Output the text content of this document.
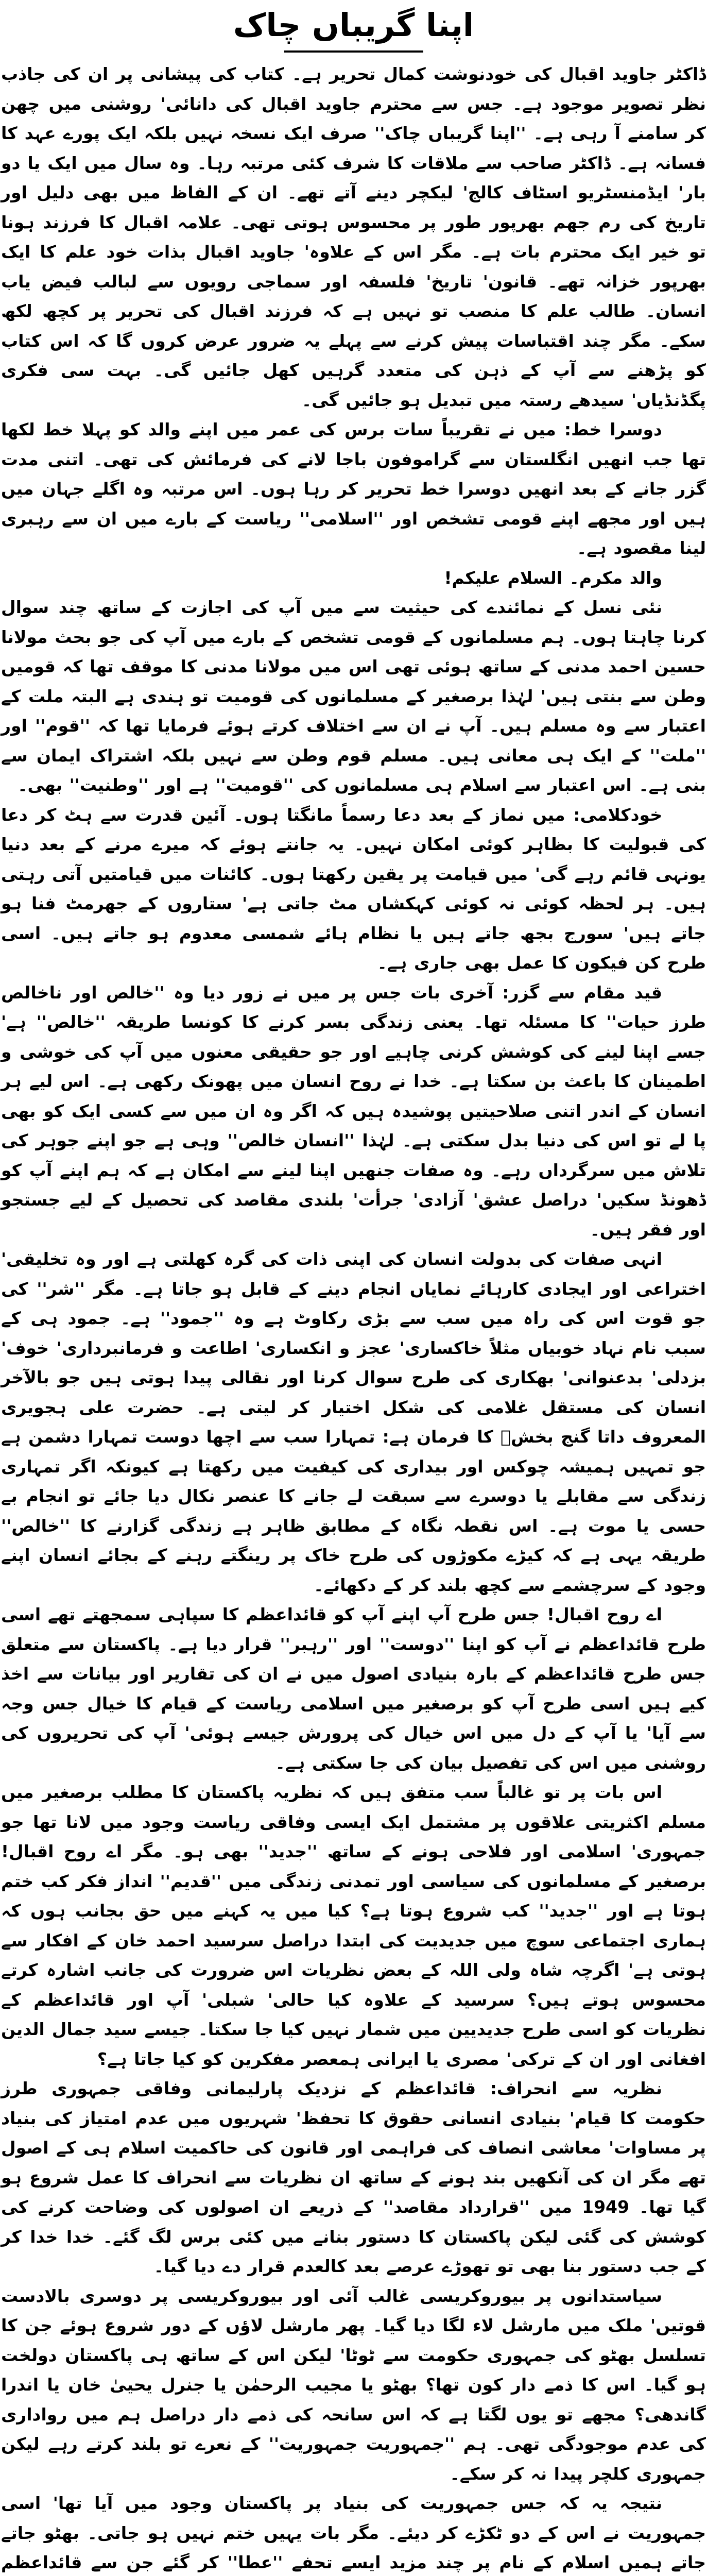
اپنا گریباں چاک

ڈاکٹر جاوید اقبال کی خودنوشت کمال تحریر ہے۔ کتاب کی پیشانی پر ان کی جاذب نظر تصویر موجود ہے۔ جس سے محترم جاوید اقبال کی دانائی' روشنی میں چھن کر سامنے آ رہی ہے۔ ''اپنا گریباں چاک'' صرف ایک نسخہ نہیں بلکہ ایک پورے عہد کا فسانہ ہے۔ ڈاکٹر صاحب سے ملاقات کا شرف کئی مرتبہ رہا۔ وہ سال میں ایک یا دو بار' ایڈمنسٹریو اسٹاف کالج' لیکچر دینے آتے تھے۔ ان کے الفاظ میں بھی دلیل اور تاریخ کی رم جھم بھرپور طور پر محسوس ہوتی تھی۔ علامہ اقبال کا فرزند ہونا تو خیر ایک محترم بات ہے۔ مگر اس کے علاوہ' جاوید اقبال بذات خود علم کا ایک بھرپور خزانہ تھے۔ قانون' تاریخ' فلسفہ اور سماجی رویوں سے لبالب فیض یاب انسان۔ طالب علم کا منصب تو نہیں ہے کہ فرزند اقبال کی تحریر پر کچھ لکھ سکے۔ مگر چند اقتباسات پیش کرنے سے پہلے یہ ضرور عرض کروں گا کہ اس کتاب کو پڑھنے سے آپ کے ذہن کی متعدد گرہیں کھل جائیں گی۔ بہت سی فکری پگڈنڈیاں' سیدھے رستہ میں تبدیل ہو جائیں گی۔

دوسرا خط: میں نے تقریباً سات برس کی عمر میں اپنے والد کو پہلا خط لکھا تھا جب انھیں انگلستان سے گراموفون باجا لانے کی فرمائش کی تھی۔ اتنی مدت گزر جانے کے بعد انھیں دوسرا خط تحریر کر رہا ہوں۔ اس مرتبہ وہ اگلے جہان میں ہیں اور مجھے اپنے قومی تشخص اور ''اسلامی'' ریاست کے بارے میں ان سے رہبری لینا مقصود ہے۔

والد مکرم۔ السلام علیکم!

نئی نسل کے نمائندے کی حیثیت سے میں آپ کی اجازت کے ساتھ چند سوال کرنا چاہتا ہوں۔ ہم مسلمانوں کے قومی تشخص کے بارے میں آپ کی جو بحث مولانا حسین احمد مدنی کے ساتھ ہوئی تھی اس میں مولانا مدنی کا موقف تھا کہ قومیں وطن سے بنتی ہیں' لہٰذا برصغیر کے مسلمانوں کی قومیت تو ہندی ہے البتہ ملت کے اعتبار سے وہ مسلم ہیں۔ آپ نے ان سے اختلاف کرتے ہوئے فرمایا تھا کہ ''قوم'' اور ''ملت'' کے ایک ہی معانی ہیں۔ مسلم قوم وطن سے نہیں بلکہ اشتراک ایمان سے بنی ہے۔ اس اعتبار سے اسلام ہی مسلمانوں کی ''قومیت'' ہے اور ''وطنیت'' بھی۔

خودکلامی: میں نماز کے بعد دعا رسماً مانگتا ہوں۔ آئین قدرت سے ہٹ کر دعا کی قبولیت کا بظاہر کوئی امکان نہیں۔ یہ جانتے ہوئے کہ میرے مرنے کے بعد دنیا یونہی قائم رہے گی' میں قیامت پر یقین رکھتا ہوں۔ کائنات میں قیامتیں آتی رہتی ہیں۔ ہر لحظہ کوئی نہ کوئی کہکشاں مٹ جاتی ہے' ستاروں کے جھرمٹ فنا ہو جاتے ہیں' سورج بجھ جاتے ہیں یا نظام ہائے شمسی معدوم ہو جاتے ہیں۔ اسی طرح کن فیکون کا عمل بھی جاری ہے۔

قید مقام سے گزر: آخری بات جس پر میں نے زور دیا وہ ''خالص اور ناخالص طرز حیات'' کا مسئلہ تھا۔ یعنی زندگی بسر کرنے کا کونسا طریقہ ''خالص'' ہے' جسے اپنا لینے کی کوشش کرنی چاہیے اور جو حقیقی معنوں میں آپ کی خوشی و اطمینان کا باعث بن سکتا ہے۔ خدا نے روح انسان میں پھونک رکھی ہے۔ اس لیے ہر انسان کے اندر اتنی صلاحیتیں پوشیدہ ہیں کہ اگر وہ ان میں سے کسی ایک کو بھی پا لے تو اس کی دنیا بدل سکتی ہے۔ لہٰذا ''انسان خالص'' وہی ہے جو اپنے جوہر کی تلاش میں سرگرداں رہے۔ وہ صفات جنھیں اپنا لینے سے امکان ہے کہ ہم اپنے آپ کو ڈھونڈ سکیں' دراصل عشق' آزادی' جرأت' بلندی مقاصد کی تحصیل کے لیے جستجو اور فقر ہیں۔

انہی صفات کی بدولت انسان کی اپنی ذات کی گرہ کھلتی ہے اور وہ تخلیقی' اختراعی اور ایجادی کارہائے نمایاں انجام دینے کے قابل ہو جاتا ہے۔ مگر ''شر'' کی جو قوت اس کی راہ میں سب سے بڑی رکاوٹ ہے وہ ''جمود'' ہے۔ جمود ہی کے سبب نام نہاد خوبیاں مثلاً خاکساری' عجز و انکساری' اطاعت و فرمانبرداری' خوف' بزدلی' بدعنوانی' بھکاری کی طرح سوال کرنا اور نقالی پیدا ہوتی ہیں جو بالآخر انسان کی مستقل غلامی کی شکل اختیار کر لیتی ہے۔ حضرت علی ہجویری المعروف داتا گنج بخشؒ کا فرمان ہے: تمہارا سب سے اچھا دوست تمہارا دشمن ہے جو تمہیں ہمیشہ چوکس اور بیداری کی کیفیت میں رکھتا ہے کیونکہ اگر تمہاری زندگی سے مقابلے یا دوسرے سے سبقت لے جانے کا عنصر نکال دیا جائے تو انجام بے حسی یا موت ہے۔ اس نقطہ نگاہ کے مطابق ظاہر ہے زندگی گزارنے کا ''خالص'' طریقہ یہی ہے کہ کیڑے مکوڑوں کی طرح خاک پر رینگتے رہنے کے بجائے انسان اپنے وجود کے سرچشمے سے کچھ بلند کر کے دکھائے۔

اے روح اقبال! جس طرح آپ اپنے آپ کو قائداعظم کا سپاہی سمجھتے تھے اسی طرح قائداعظم نے آپ کو اپنا ''دوست'' اور ''رہبر'' قرار دیا ہے۔ پاکستان سے متعلق جس طرح قائداعظم کے بارہ بنیادی اصول میں نے ان کی تقاریر اور بیانات سے اخذ کیے ہیں اسی طرح آپ کو برصغیر میں اسلامی ریاست کے قیام کا خیال جس وجہ سے آیا' یا آپ کے دل میں اس خیال کی پرورش جیسے ہوئی' آپ کی تحریروں کی روشنی میں اس کی تفصیل بیان کی جا سکتی ہے۔

اس بات پر تو غالباً سب متفق ہیں کہ نظریہ پاکستان کا مطلب برصغیر میں مسلم اکثریتی علاقوں پر مشتمل ایک ایسی وفاقی ریاست وجود میں لانا تھا جو جمہوری' اسلامی اور فلاحی ہونے کے ساتھ ''جدید'' بھی ہو۔ مگر اے روح اقبال! برصغیر کے مسلمانوں کی سیاسی اور تمدنی زندگی میں ''قدیم'' انداز فکر کب ختم ہوتا ہے اور ''جدید'' کب شروع ہوتا ہے؟ کیا میں یہ کہنے میں حق بجانب ہوں کہ ہماری اجتماعی سوچ میں جدیدیت کی ابتدا دراصل سرسید احمد خان کے افکار سے ہوتی ہے' اگرچہ شاہ ولی اللہ کے بعض نظریات اس ضرورت کی جانب اشارہ کرتے محسوس ہوتے ہیں؟ سرسید کے علاوہ کیا حالی' شبلی' آپ اور قائداعظم کے نظریات کو اسی طرح جدیدیین میں شمار نہیں کیا جا سکتا۔ جیسے سید جمال الدین افغانی اور ان کے ترکی' مصری یا ایرانی ہمعصر مفکرین کو کیا جاتا ہے؟

نظریہ سے انحراف: قائداعظم کے نزدیک پارلیمانی وفاقی جمہوری طرز حکومت کا قیام' بنیادی انسانی حقوق کا تحفظ' شہریوں میں عدم امتیاز کی بنیاد پر مساوات' معاشی انصاف کی فراہمی اور قانون کی حاکمیت اسلام ہی کے اصول تھے مگر ان کی آنکھیں بند ہونے کے ساتھ ان نظریات سے انحراف کا عمل شروع ہو گیا تھا۔ 1949 میں ''قرارداد مقاصد'' کے ذریعے ان اصولوں کی وضاحت کرنے کی کوشش کی گئی لیکن پاکستان کا دستور بنانے میں کئی برس لگ گئے۔ خدا خدا کر کے جب دستور بنا بھی تو تھوڑے عرصے بعد کالعدم قرار دے دیا گیا۔

سیاستدانوں پر بیوروکریسی غالب آئی اور بیوروکریسی پر دوسری بالادست قوتیں' ملک میں مارشل لاء لگا دیا گیا۔ پھر مارشل لاؤں کے دور شروع ہوئے جن کا تسلسل بھٹو کی جمہوری حکومت سے ٹوٹا' لیکن اس کے ساتھ ہی پاکستان دولخت ہو گیا۔ اس کا ذمے دار کون تھا؟ بھٹو یا مجیب الرحمٰن یا جنرل یحییٰ خان یا اندرا گاندھی؟ مجھے تو یوں لگتا ہے کہ اس سانحہ کی ذمے دار دراصل ہم میں رواداری کی عدم موجودگی تھی۔ ہم ''جمہوریت جمہوریت'' کے نعرے تو بلند کرتے رہے لیکن جمہوری کلچر پیدا نہ کر سکے۔

نتیجہ یہ کہ جس جمہوریت کی بنیاد پر پاکستان وجود میں آیا تھا' اسی جمہوریت نے اس کے دو ٹکڑے کر دیئے۔ مگر بات یہیں ختم نہیں ہو جاتی۔ بھٹو جاتے جاتے ہمیں اسلام کے نام پر چند مزید ایسے تحفے ''عطا'' کر گئے جن سے قائداعظم
